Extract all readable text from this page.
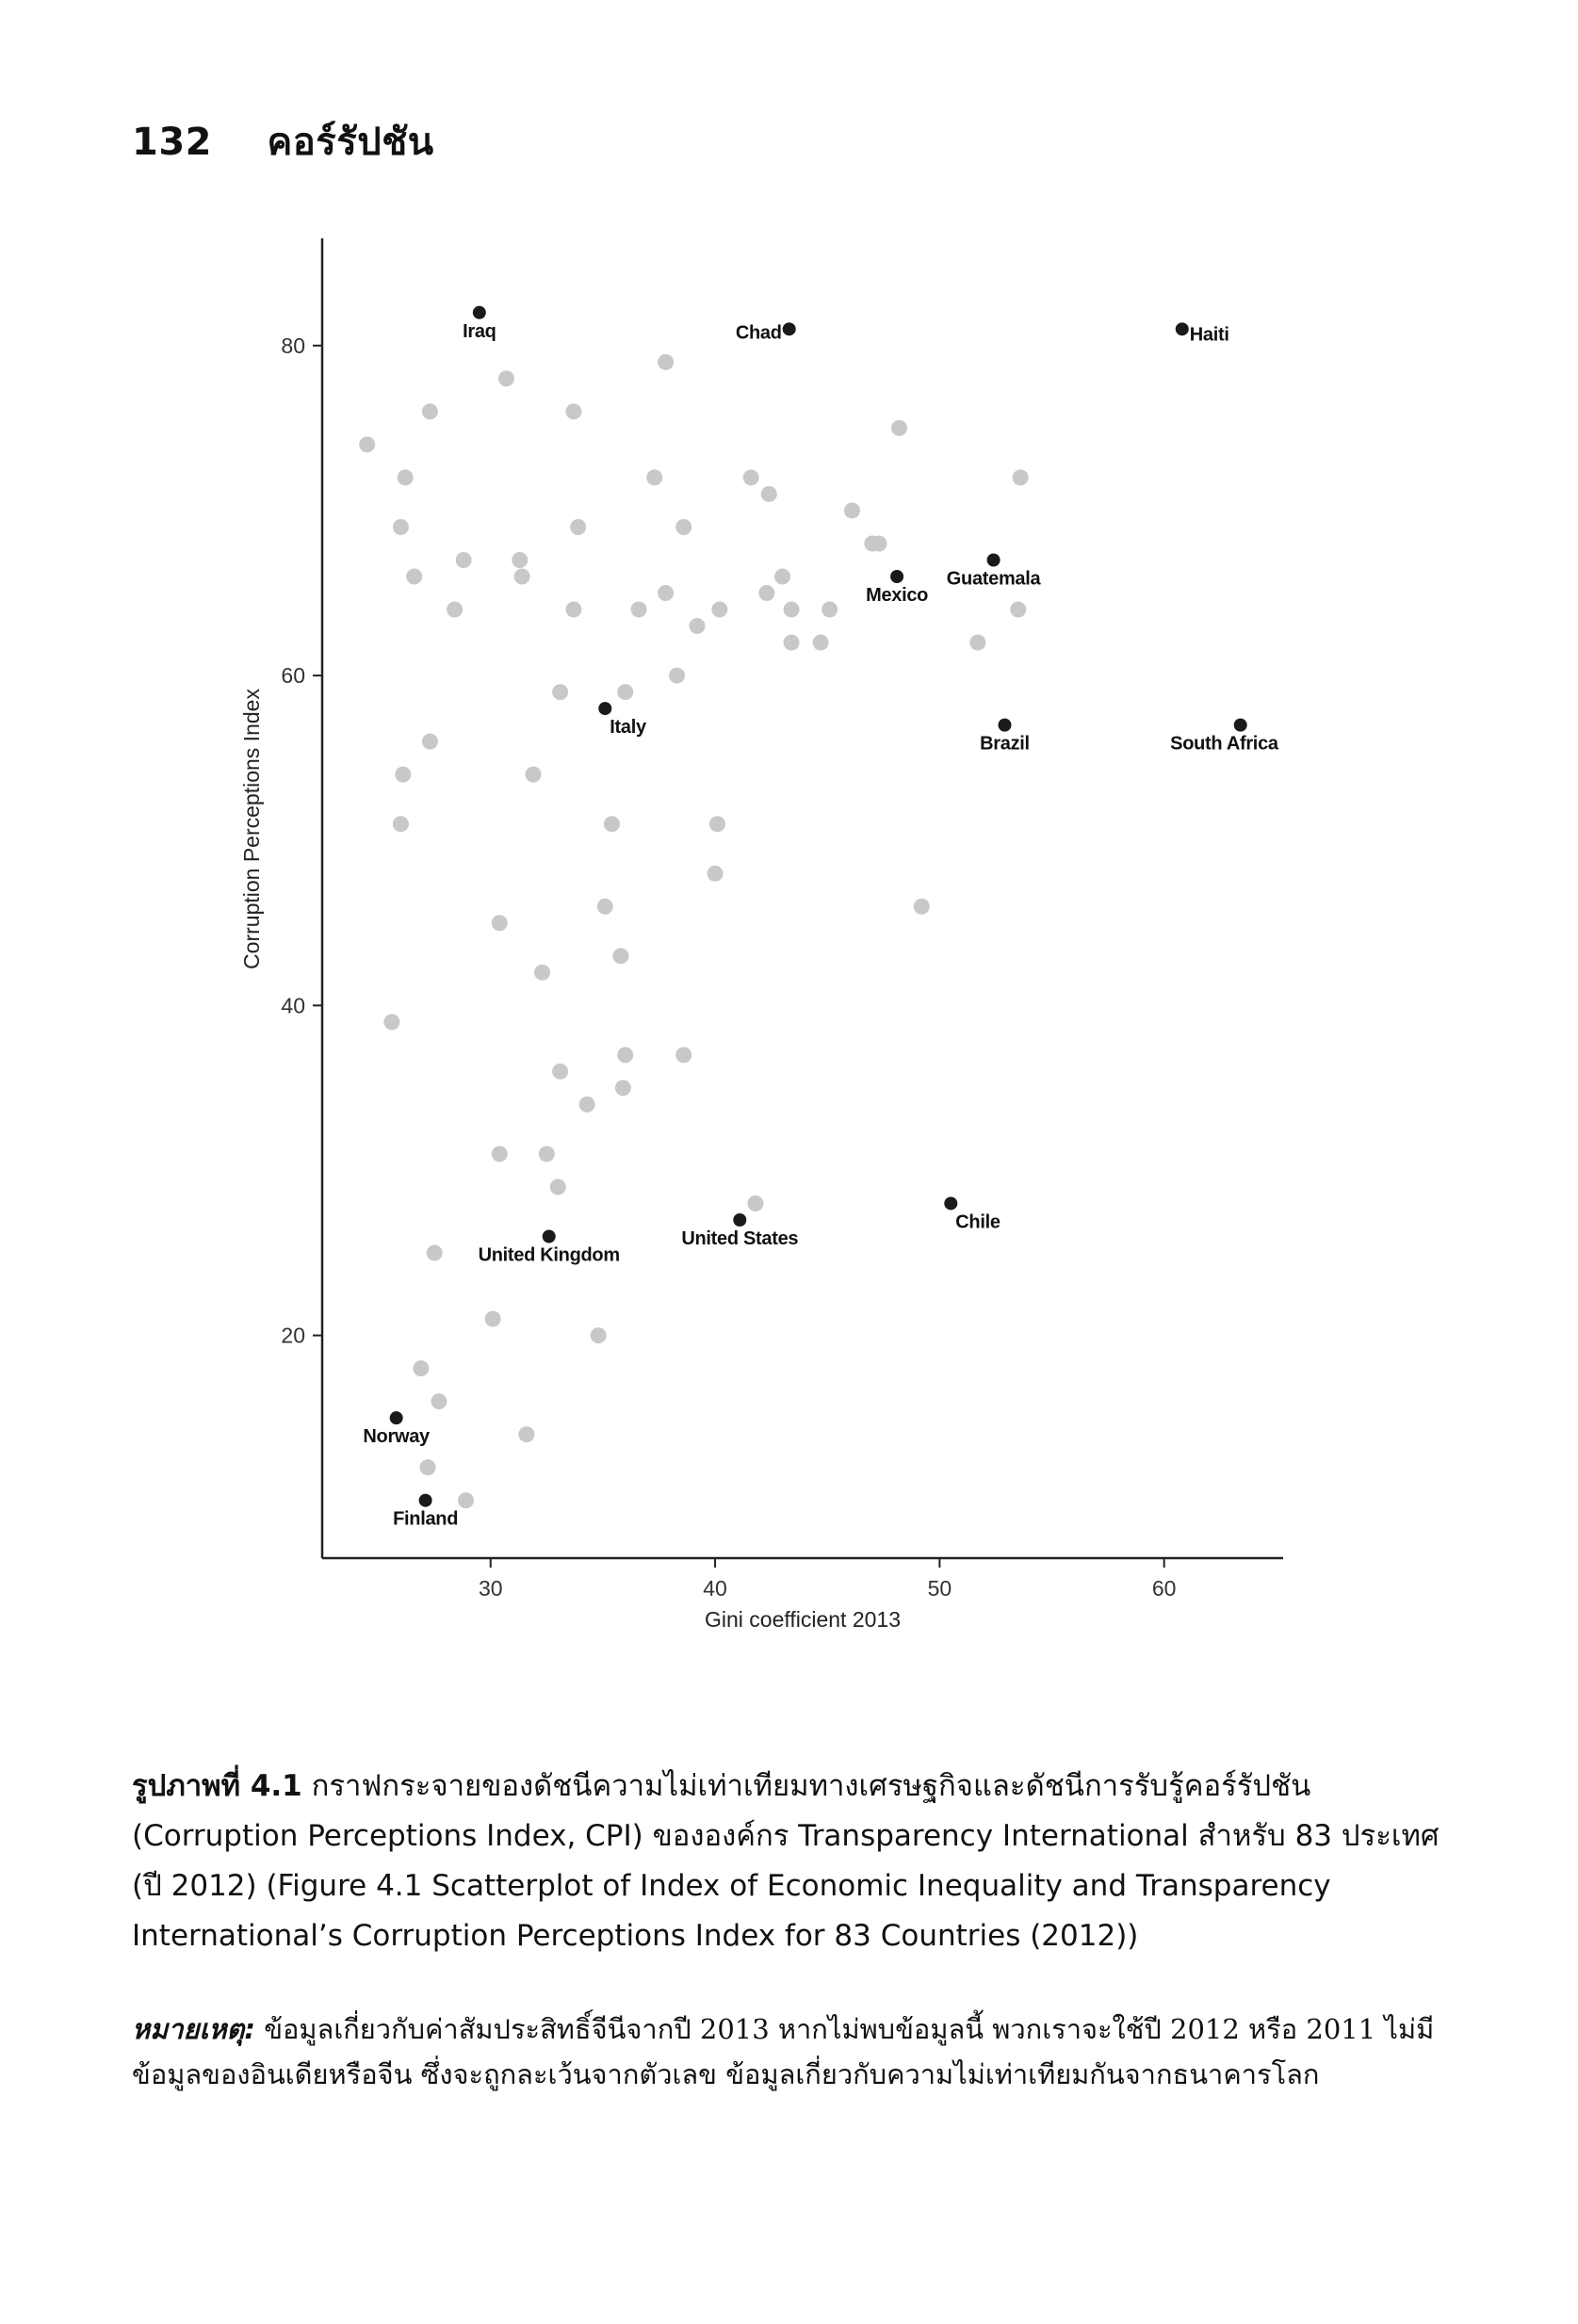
132 คอร์รัปชัน
30	40	50	60
20
40
60
80
Iraq	Chad	Haiti
Mexico
Guatemala
Italy
Brazil	South Africa
Chile
United States
United Kingdom
Norway
Finland
Gini coefficient 2013
Corruption Perceptions Index
รูปภาพที่ 4.1 กราฟกระจายของดัชนีความไม่เท่าเทียมทางเศรษฐกิจและดัชนีการรับรู้คอร์รัปชัน (Corruption Perceptions Index, CPI) ขององค์กร Transparency International สำหรับ 83 ประเทศ (ปี 2012) (Figure 4.1 Scatterplot of Index of Economic Inequality and Transparency International’s Corruption Perceptions Index for 83 Countries (2012))
หมายเหตุ: ข้อมูลเกี่ยวกับค่าสัมประสิทธิ์จีนีจากปี 2013 หากไม่พบข้อมูลนี้ พวกเราจะใช้ปี 2012 หรือ 2011 ไม่มีข้อมูลของอินเดียหรือจีน ซึ่งจะถูกละเว้นจากตัวเลข ข้อมูลเกี่ยวกับความไม่เท่าเทียมกันจากธนาคารโลก
